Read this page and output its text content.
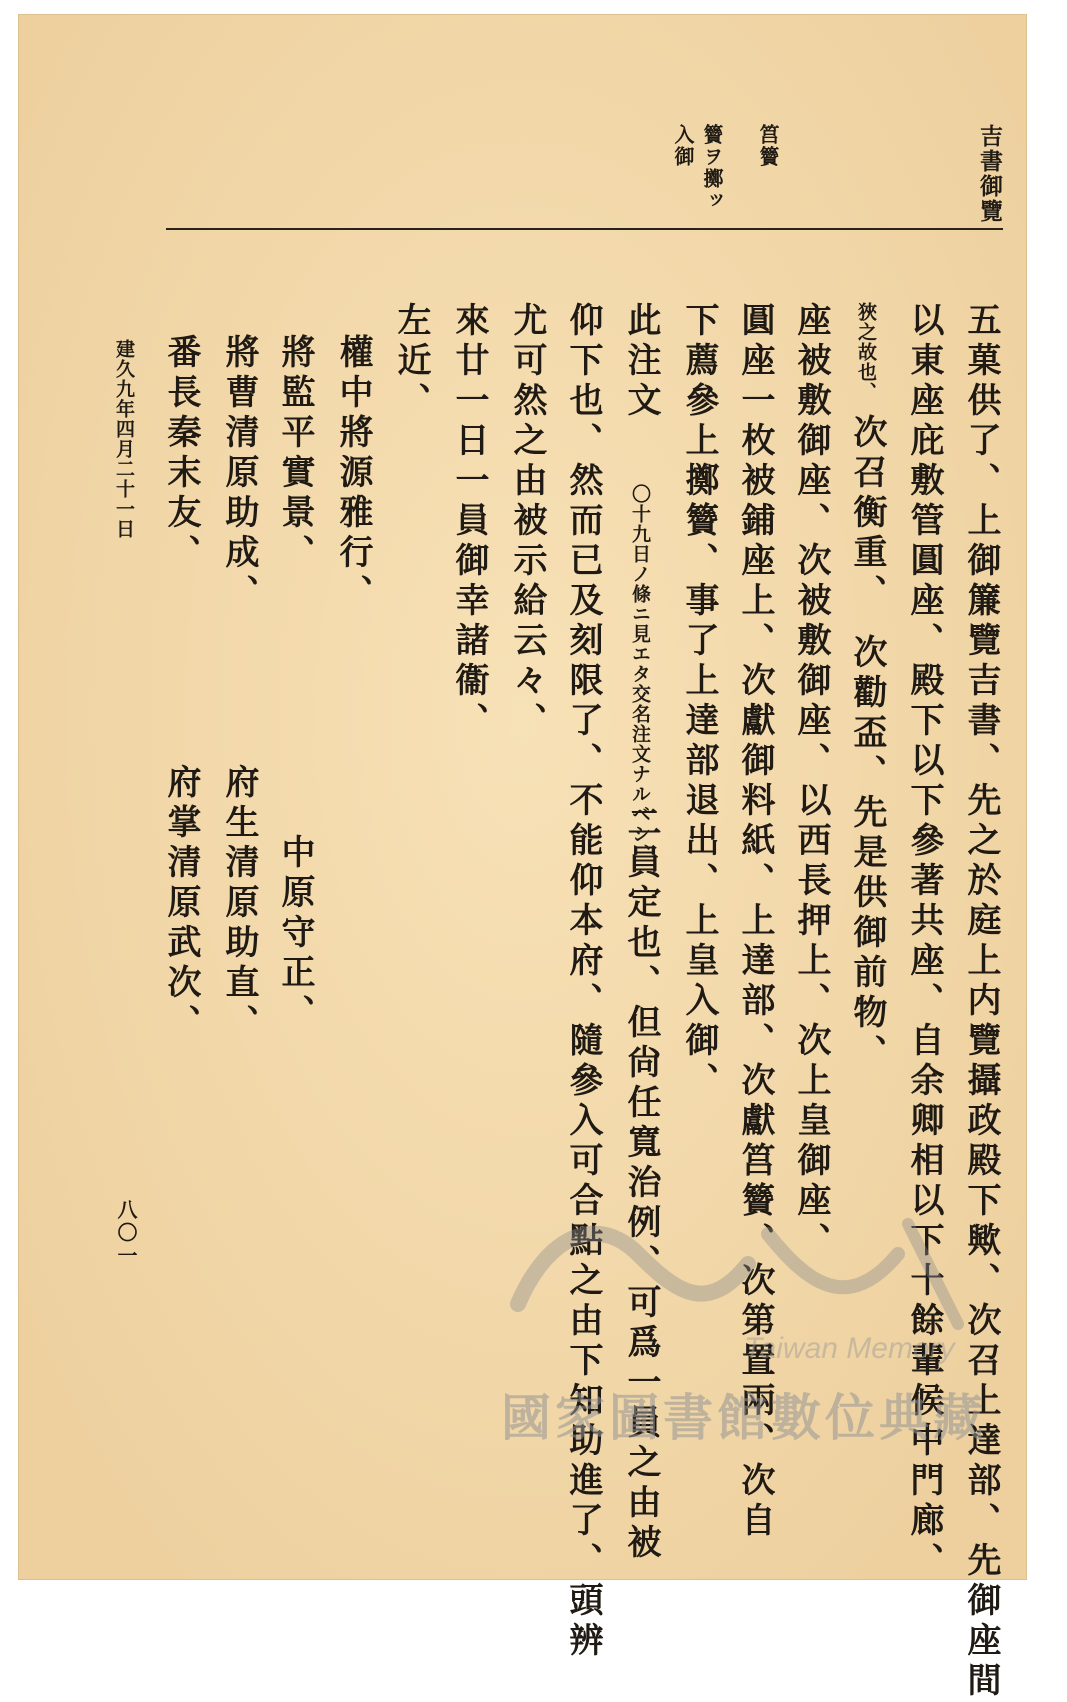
吉書御覽
筥籫
籫ヲ擲ッ
入御
五菓供了、上御簾覽吉書、先之於庭上内覽攝政殿下歟、次召上達部、先御座間
以東座庇敷管圓座、殿下以下參著共座、自余卿相以下十餘輩候中門廊、
狹之故也、
次召衡重、
次勸盃、先是供御前物、
座被敷御座、次被敷御座、以西長押上、次上皇御座、
圓座一枚被鋪座上、次獻御料紙、上達部、次獻筥籫、次第置兩、次自
下薦參上擲籫、事了上達部退出、上皇入御、
此注文
〇十九日ノ條ニ見エタ交名注文ナルベシ、
二員定也、但尙任寬治例、可爲一員之由被
仰下也、然而已及刻限了、不能仰本府、隨參入可合點之由下知助進了、頭辨
尤可然之由被示給云々、
來廿一日一員御幸諸衞、
左近、
權中將源雅行、
中原守正、
將監平實景、
將曹清原助成、
府生清原助直、
番長秦末友、
府掌清原武次、
建久九年四月二十一日
八〇一
Taiwan Memory
國家圖書館數位典藏
